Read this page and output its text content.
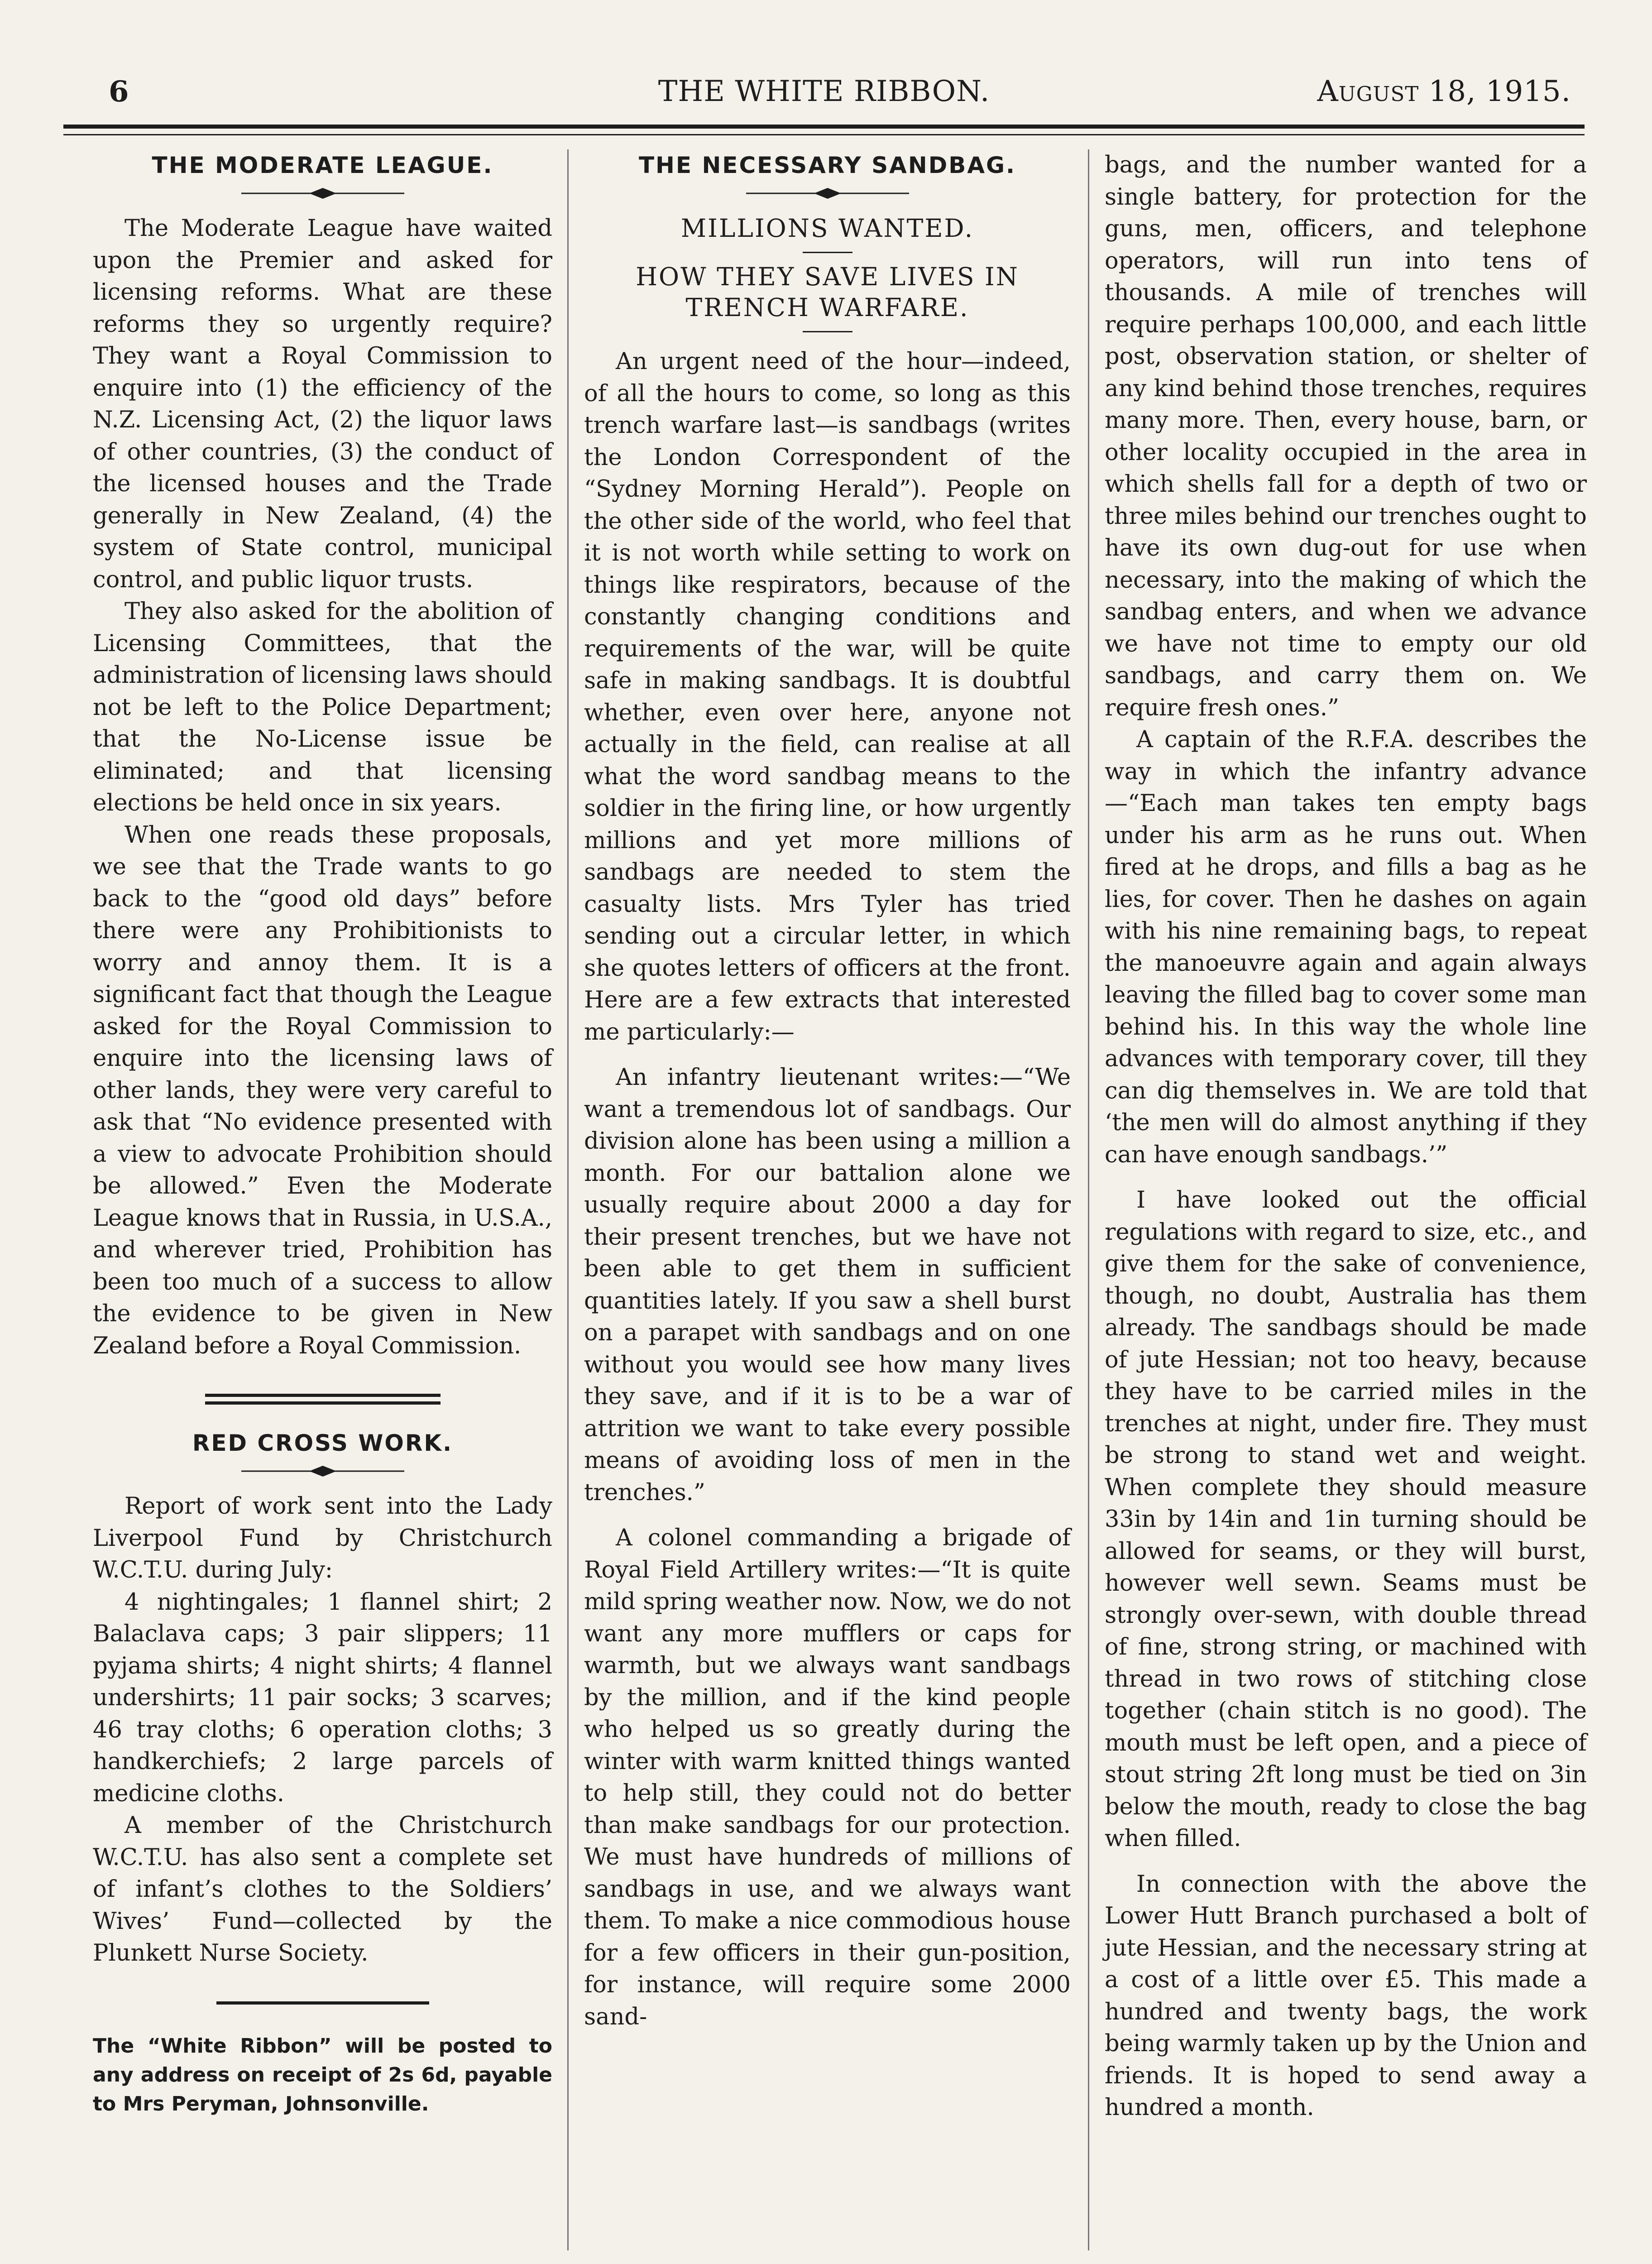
6	THE WHITE RIBBON.	August 18, 1915.
THE MODERATE LEAGUE.

The Moderate League have waited upon the Premier and asked for licensing reforms. What are these reforms they so urgently require? They want a Royal Commission to enquire into (1) the efficiency of the N.Z. Licensing Act, (2) the liquor laws of other countries, (3) the conduct of the licensed houses and the Trade generally in New Zealand, (4) the system of State control, municipal control, and public liquor trusts.

They also asked for the abolition of Licensing Committees, that the administration of licensing laws should not be left to the Police Department; that the No-License issue be eliminated; and that licensing elections be held once in six years.

When one reads these proposals, we see that the Trade wants to go back to the “good old days” before there were any Prohibitionists to worry and annoy them. It is a significant fact that though the League asked for the Royal Commission to enquire into the licensing laws of other lands, they were very careful to ask that “No evidence presented with a view to advocate Prohibition should be allowed.” Even the Moderate League knows that in Russia, in U.S.A., and wherever tried, Prohibition has been too much of a success to allow the evidence to be given in New Zealand before a Royal Commission.

RED CROSS WORK.

Report of work sent into the Lady Liverpool Fund by Christchurch W.C.T.U. during July:

4 nightingales; 1 flannel shirt; 2 Balaclava caps; 3 pair slippers; 11 pyjama shirts; 4 night shirts; 4 flannel undershirts; 11 pair socks; 3 scarves; 46 tray cloths; 6 operation cloths; 3 handkerchiefs; 2 large parcels of medicine cloths.

A member of the Christchurch W.C.T.U. has also sent a complete set of infant’s clothes to the Soldiers’ Wives’ Fund—collected by the Plunkett Nurse Society.

The “White Ribbon” will be posted to any address on receipt of 2s 6d, payable to Mrs Peryman, Johnsonville.
THE NECESSARY SANDBAG.
MILLIONS WANTED.
HOW THEY SAVE LIVES IN TRENCH WARFARE.

An urgent need of the hour—indeed, of all the hours to come, so long as this trench warfare last—is sandbags (writes the London Correspondent of the “Sydney Morning Herald”). People on the other side of the world, who feel that it is not worth while setting to work on things like respirators, because of the constantly changing conditions and requirements of the war, will be quite safe in making sandbags. It is doubtful whether, even over here, anyone not actually in the field, can realise at all what the word sandbag means to the soldier in the firing line, or how urgently millions and yet more millions of sandbags are needed to stem the casualty lists. Mrs Tyler has tried sending out a circular letter, in which she quotes letters of officers at the front. Here are a few extracts that interested me particularly:—

An infantry lieutenant writes:—“We want a tremendous lot of sandbags. Our division alone has been using a million a month. For our battalion alone we usually require about 2000 a day for their present trenches, but we have not been able to get them in sufficient quantities lately. If you saw a shell burst on a parapet with sandbags and on one without you would see how many lives they save, and if it is to be a war of attrition we want to take every possible means of avoiding loss of men in the trenches.”

A colonel commanding a brigade of Royal Field Artillery writes:—“It is quite mild spring weather now. Now, we do not want any more mufflers or caps for warmth, but we always want sandbags by the million, and if the kind people who helped us so greatly during the winter with warm knitted things wanted to help still, they could not do better than make sandbags for our protection. We must have hundreds of millions of sandbags in use, and we always want them. To make a nice commodious house for a few officers in their gun-position, for instance, will require some 2000 sand-

bags, and the number wanted for a single battery, for protection for the guns, men, officers, and telephone operators, will run into tens of thousands. A mile of trenches will require perhaps 100,000, and each little post, observation station, or shelter of any kind behind those trenches, requires many more. Then, every house, barn, or other locality occupied in the area in which shells fall for a depth of two or three miles behind our trenches ought to have its own dug-out for use when necessary, into the making of which the sandbag enters, and when we advance we have not time to empty our old sandbags, and carry them on. We require fresh ones.”

A captain of the R.F.A. describes the way in which the infantry advance —“Each man takes ten empty bags under his arm as he runs out. When fired at he drops, and fills a bag as he lies, for cover. Then he dashes on again with his nine remaining bags, to repeat the manoeuvre again and again always leaving the filled bag to cover some man behind his. In this way the whole line advances with temporary cover, till they can dig themselves in. We are told that ‘the men will do almost anything if they can have enough sandbags.’”

I have looked out the official regulations with regard to size, etc., and give them for the sake of convenience, though, no doubt, Australia has them already. The sandbags should be made of jute Hessian; not too heavy, because they have to be carried miles in the trenches at night, under fire. They must be strong to stand wet and weight. When complete they should measure 33in by 14in and 1in turning should be allowed for seams, or they will burst, however well sewn. Seams must be strongly over-sewn, with double thread of fine, strong string, or machined with thread in two rows of stitching close together (chain stitch is no good). The mouth must be left open, and a piece of stout string 2ft long must be tied on 3in below the mouth, ready to close the bag when filled.

In connection with the above the Lower Hutt Branch purchased a bolt of jute Hessian, and the necessary string at a cost of a little over £5. This made a hundred and twenty bags, the work being warmly taken up by the Union and friends. It is hoped to send away a hundred a month.
